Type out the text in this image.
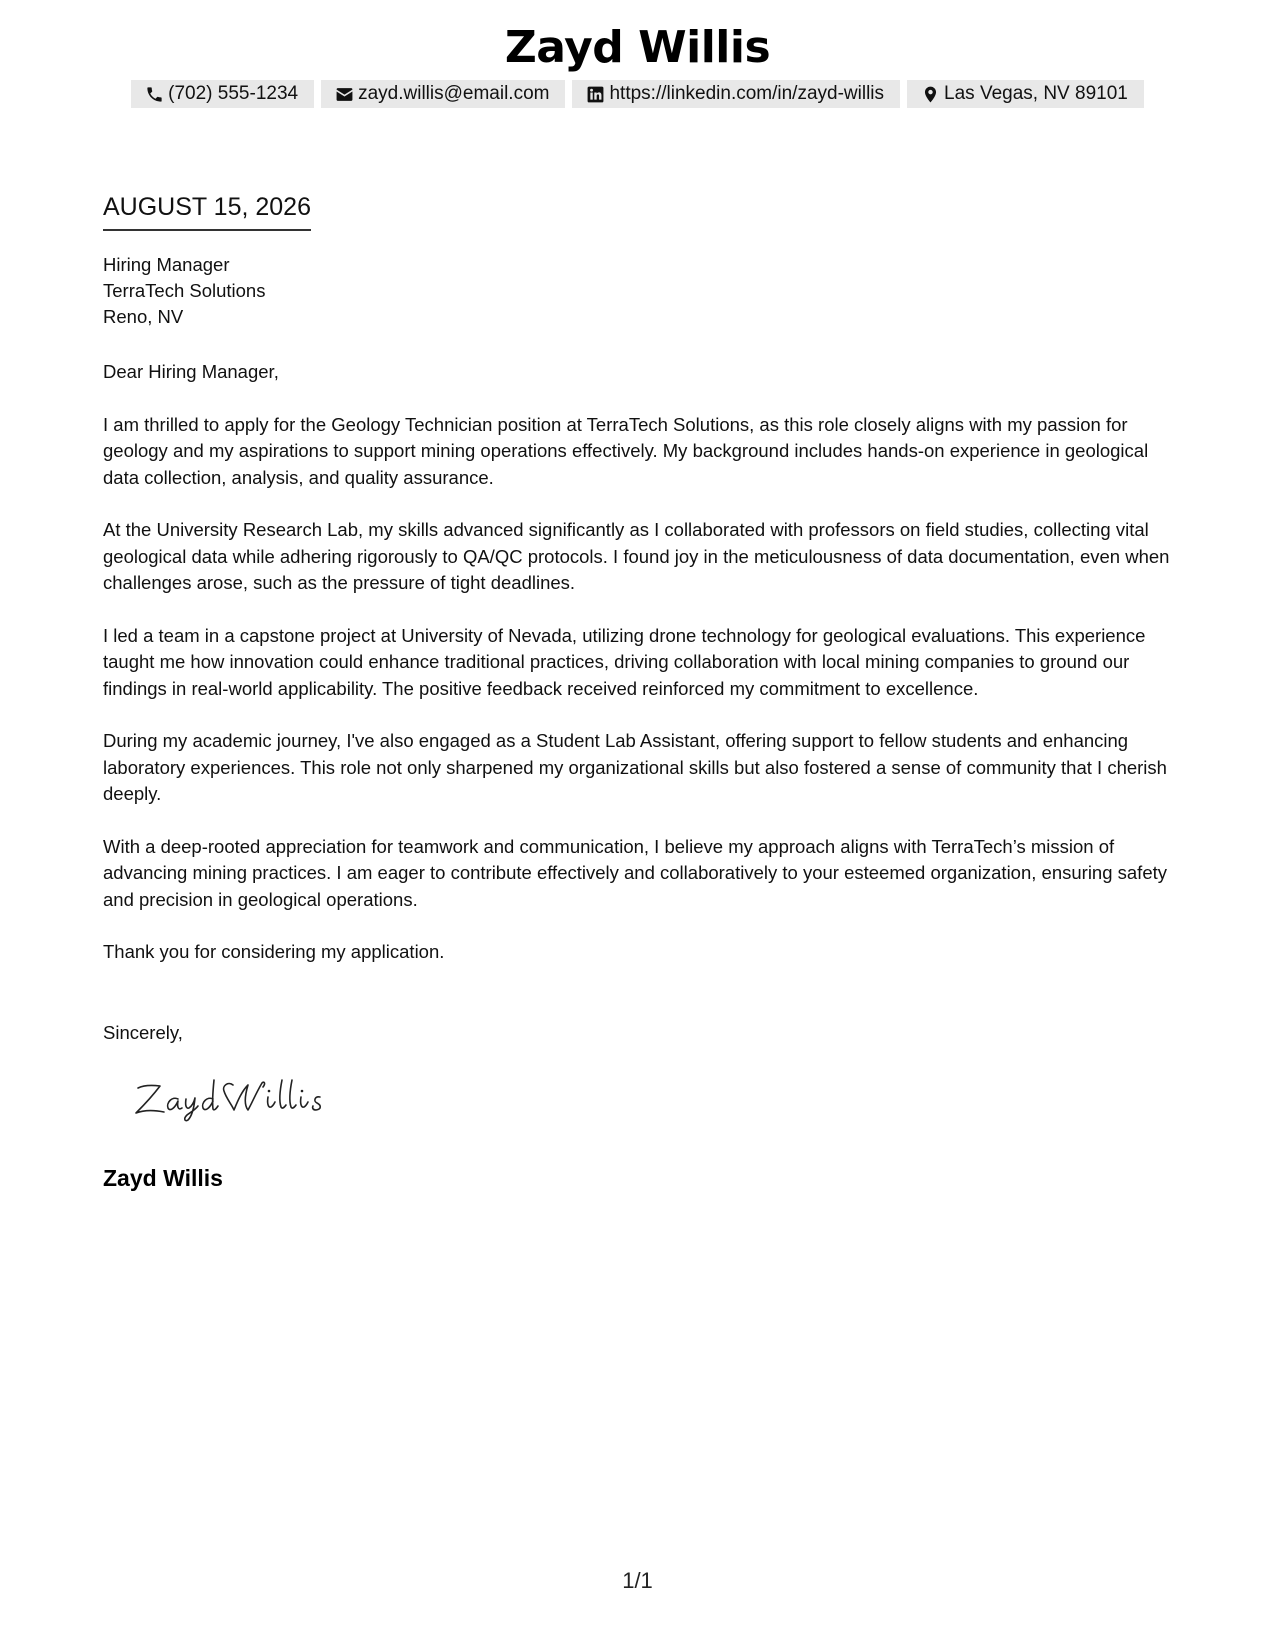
Zayd Willis
(702) 555-1234	zayd.willis@email.com	https://linkedin.com/in/zayd-willis	Las Vegas, NV 89101
AUGUST 15, 2026
Hiring Manager
TerraTech Solutions
Reno, NV

Dear Hiring Manager,

I am thrilled to apply for the Geology Technician position at TerraTech Solutions, as this role closely aligns with my passion for geology and my aspirations to support mining operations effectively. My background includes hands-on experience in geological data collection, analysis, and quality assurance.

At the University Research Lab, my skills advanced significantly as I collaborated with professors on field studies, collecting vital geological data while adhering rigorously to QA/QC protocols. I found joy in the meticulousness of data documentation, even when challenges arose, such as the pressure of tight deadlines.

I led a team in a capstone project at University of Nevada, utilizing drone technology for geological evaluations. This experience taught me how innovation could enhance traditional practices, driving collaboration with local mining companies to ground our findings in real-world applicability. The positive feedback received reinforced my commitment to excellence.

During my academic journey, I've also engaged as a Student Lab Assistant, offering support to fellow students and enhancing laboratory experiences. This role not only sharpened my organizational skills but also fostered a sense of community that I cherish deeply.

With a deep-rooted appreciation for teamwork and communication, I believe my approach aligns with TerraTech’s mission of advancing mining practices. I am eager to contribute effectively and collaboratively to your esteemed organization, ensuring safety and precision in geological operations.

Thank you for considering my application.

Sincerely,
Zayd Willis
1/1
